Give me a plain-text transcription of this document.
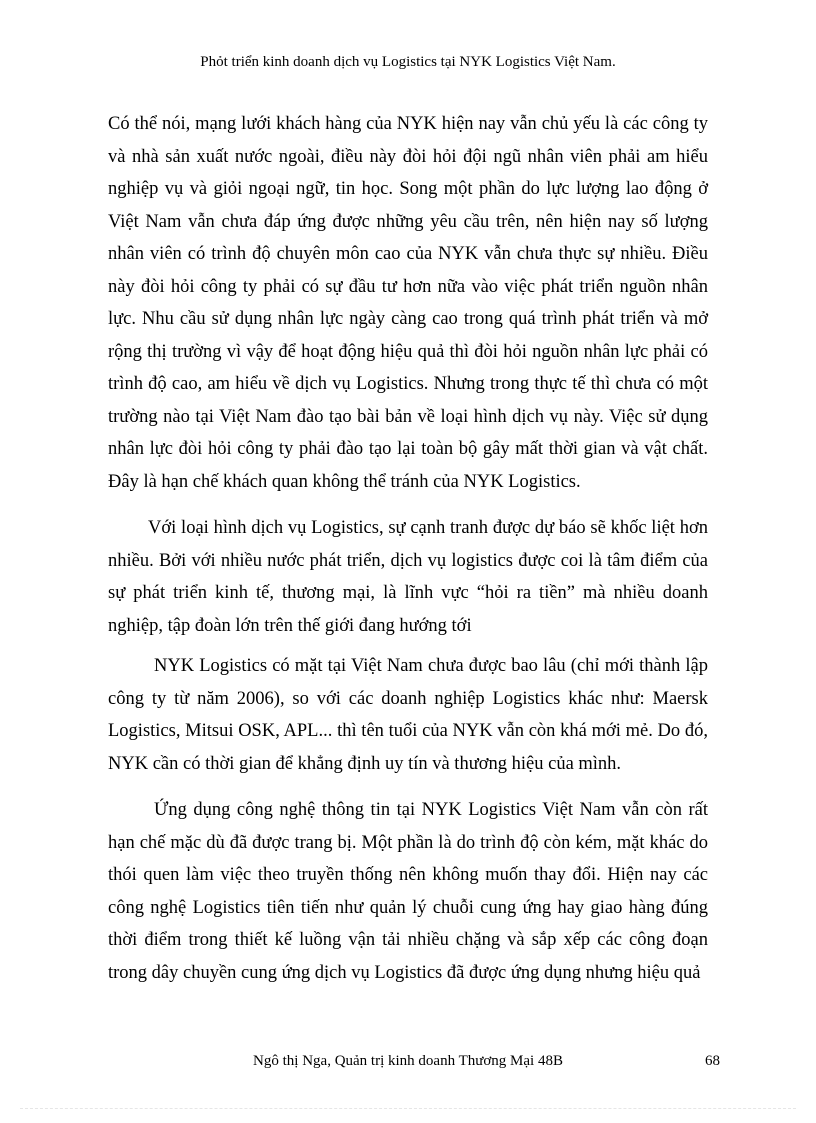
Phỏt triển kinh doanh dịch vụ Logistics tại NYK Logistics Việt Nam.

Có thể nói, mạng lưới khách hàng của NYK hiện nay vẫn chủ yếu là các công ty và nhà sản xuất nước ngoài, điều này đòi hỏi đội ngũ nhân viên phải am hiểu nghiệp vụ và giỏi ngoại ngữ, tin học. Song một phần do lực lượng lao động ở Việt Nam vẫn chưa đáp ứng được những yêu cầu trên, nên hiện nay số lượng nhân viên có trình độ chuyên môn cao của NYK vẫn chưa thực sự nhiều. Điều này đòi hỏi công ty phải có sự đầu tư hơn nữa vào việc phát triển nguồn nhân lực. Nhu cầu sử dụng nhân lực ngày càng cao trong quá trình phát triển và mở rộng thị trường vì vậy để hoạt động hiệu quả thì đòi hỏi nguồn nhân lực phải có trình độ cao, am hiểu về dịch vụ Logistics. Nhưng trong thực tế thì chưa có một trường nào tại Việt Nam đào tạo bài bản về loại hình dịch vụ này. Việc sử dụng nhân lực đòi hỏi công ty phải đào tạo lại toàn bộ gây mất thời gian và vật chất. Đây là hạn chế khách quan không thể tránh của NYK Logistics.

Với loại hình dịch vụ Logistics, sự cạnh tranh được dự báo sẽ khốc liệt hơn nhiều. Bởi với nhiều nước phát triển, dịch vụ logistics được coi là tâm điểm của sự phát triển kinh tế, thương mại, là lĩnh vực “hỏi ra tiền” mà nhiều doanh nghiệp, tập đoàn lớn trên thế giới đang hướng tới

NYK Logistics có mặt tại Việt Nam chưa được bao lâu (chỉ mới thành lập công ty từ năm 2006), so với các doanh nghiệp Logistics khác như: Maersk Logistics, Mitsui OSK, APL... thì tên tuổi của NYK vẫn còn khá mới mẻ. Do đó, NYK cần có thời gian để khẳng định uy tín và thương hiệu của mình.

Ứng dụng công nghệ thông tin tại NYK Logistics Việt Nam vẫn còn rất hạn chế mặc dù đã được trang bị. Một phần là do trình độ còn kém, mặt khác do thói quen làm việc theo truyền thống nên không muốn thay đổi. Hiện nay các công nghệ Logistics tiên tiến như quản lý chuỗi cung ứng hay giao hàng đúng thời điểm trong thiết kế luồng vận tải nhiều chặng và sắp xếp các công đoạn trong dây chuyền cung ứng dịch vụ Logistics đã được ứng dụng nhưng hiệu quả

Ngô thị Nga, Quản trị kinh doanh Thương Mại 48B	68
